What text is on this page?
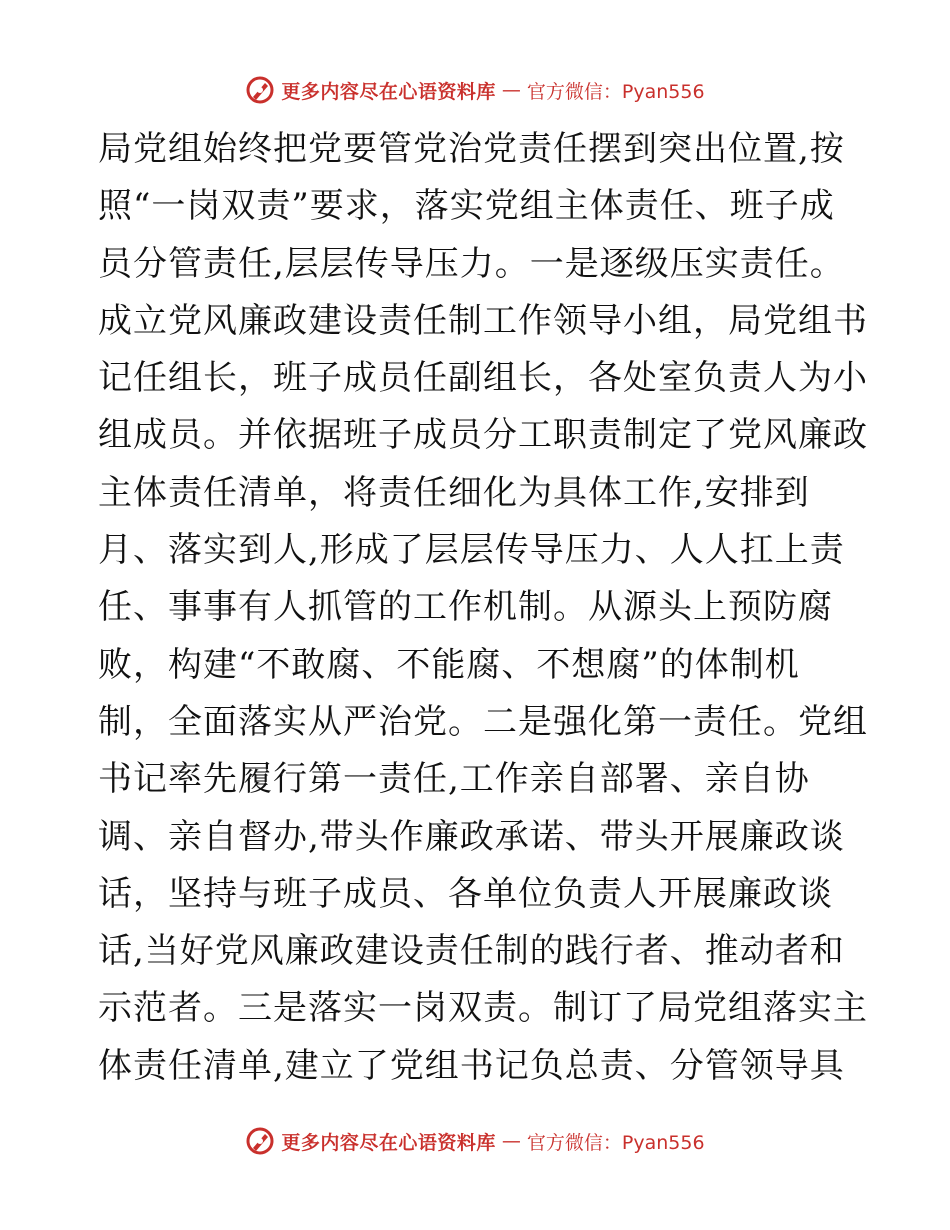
更多内容尽在心语资料库 — 官方微信：Pyan556
局党组始终把党要管党治党责任摆到突出位置,按
照“一岗双责”要求，落实党组主体责任、班子成
员分管责任,层层传导压力。一是逐级压实责任。
成立党风廉政建设责任制工作领导小组，局党组书
记任组长，班子成员任副组长，各处室负责人为小
组成员。并依据班子成员分工职责制定了党风廉政
主体责任清单，将责任细化为具体工作,安排到
月、落实到人,形成了层层传导压力、人人扛上责
任、事事有人抓管的工作机制。从源头上预防腐
败，构建“不敢腐、不能腐、不想腐”的体制机
制，全面落实从严治党。二是强化第一责任。党组
书记率先履行第一责任,工作亲自部署、亲自协
调、亲自督办,带头作廉政承诺、带头开展廉政谈
话，坚持与班子成员、各单位负责人开展廉政谈
话,当好党风廉政建设责任制的践行者、推动者和
示范者。三是落实一岗双责。制订了局党组落实主
体责任清单,建立了党组书记负总责、分管领导具
更多内容尽在心语资料库 — 官方微信：Pyan556
